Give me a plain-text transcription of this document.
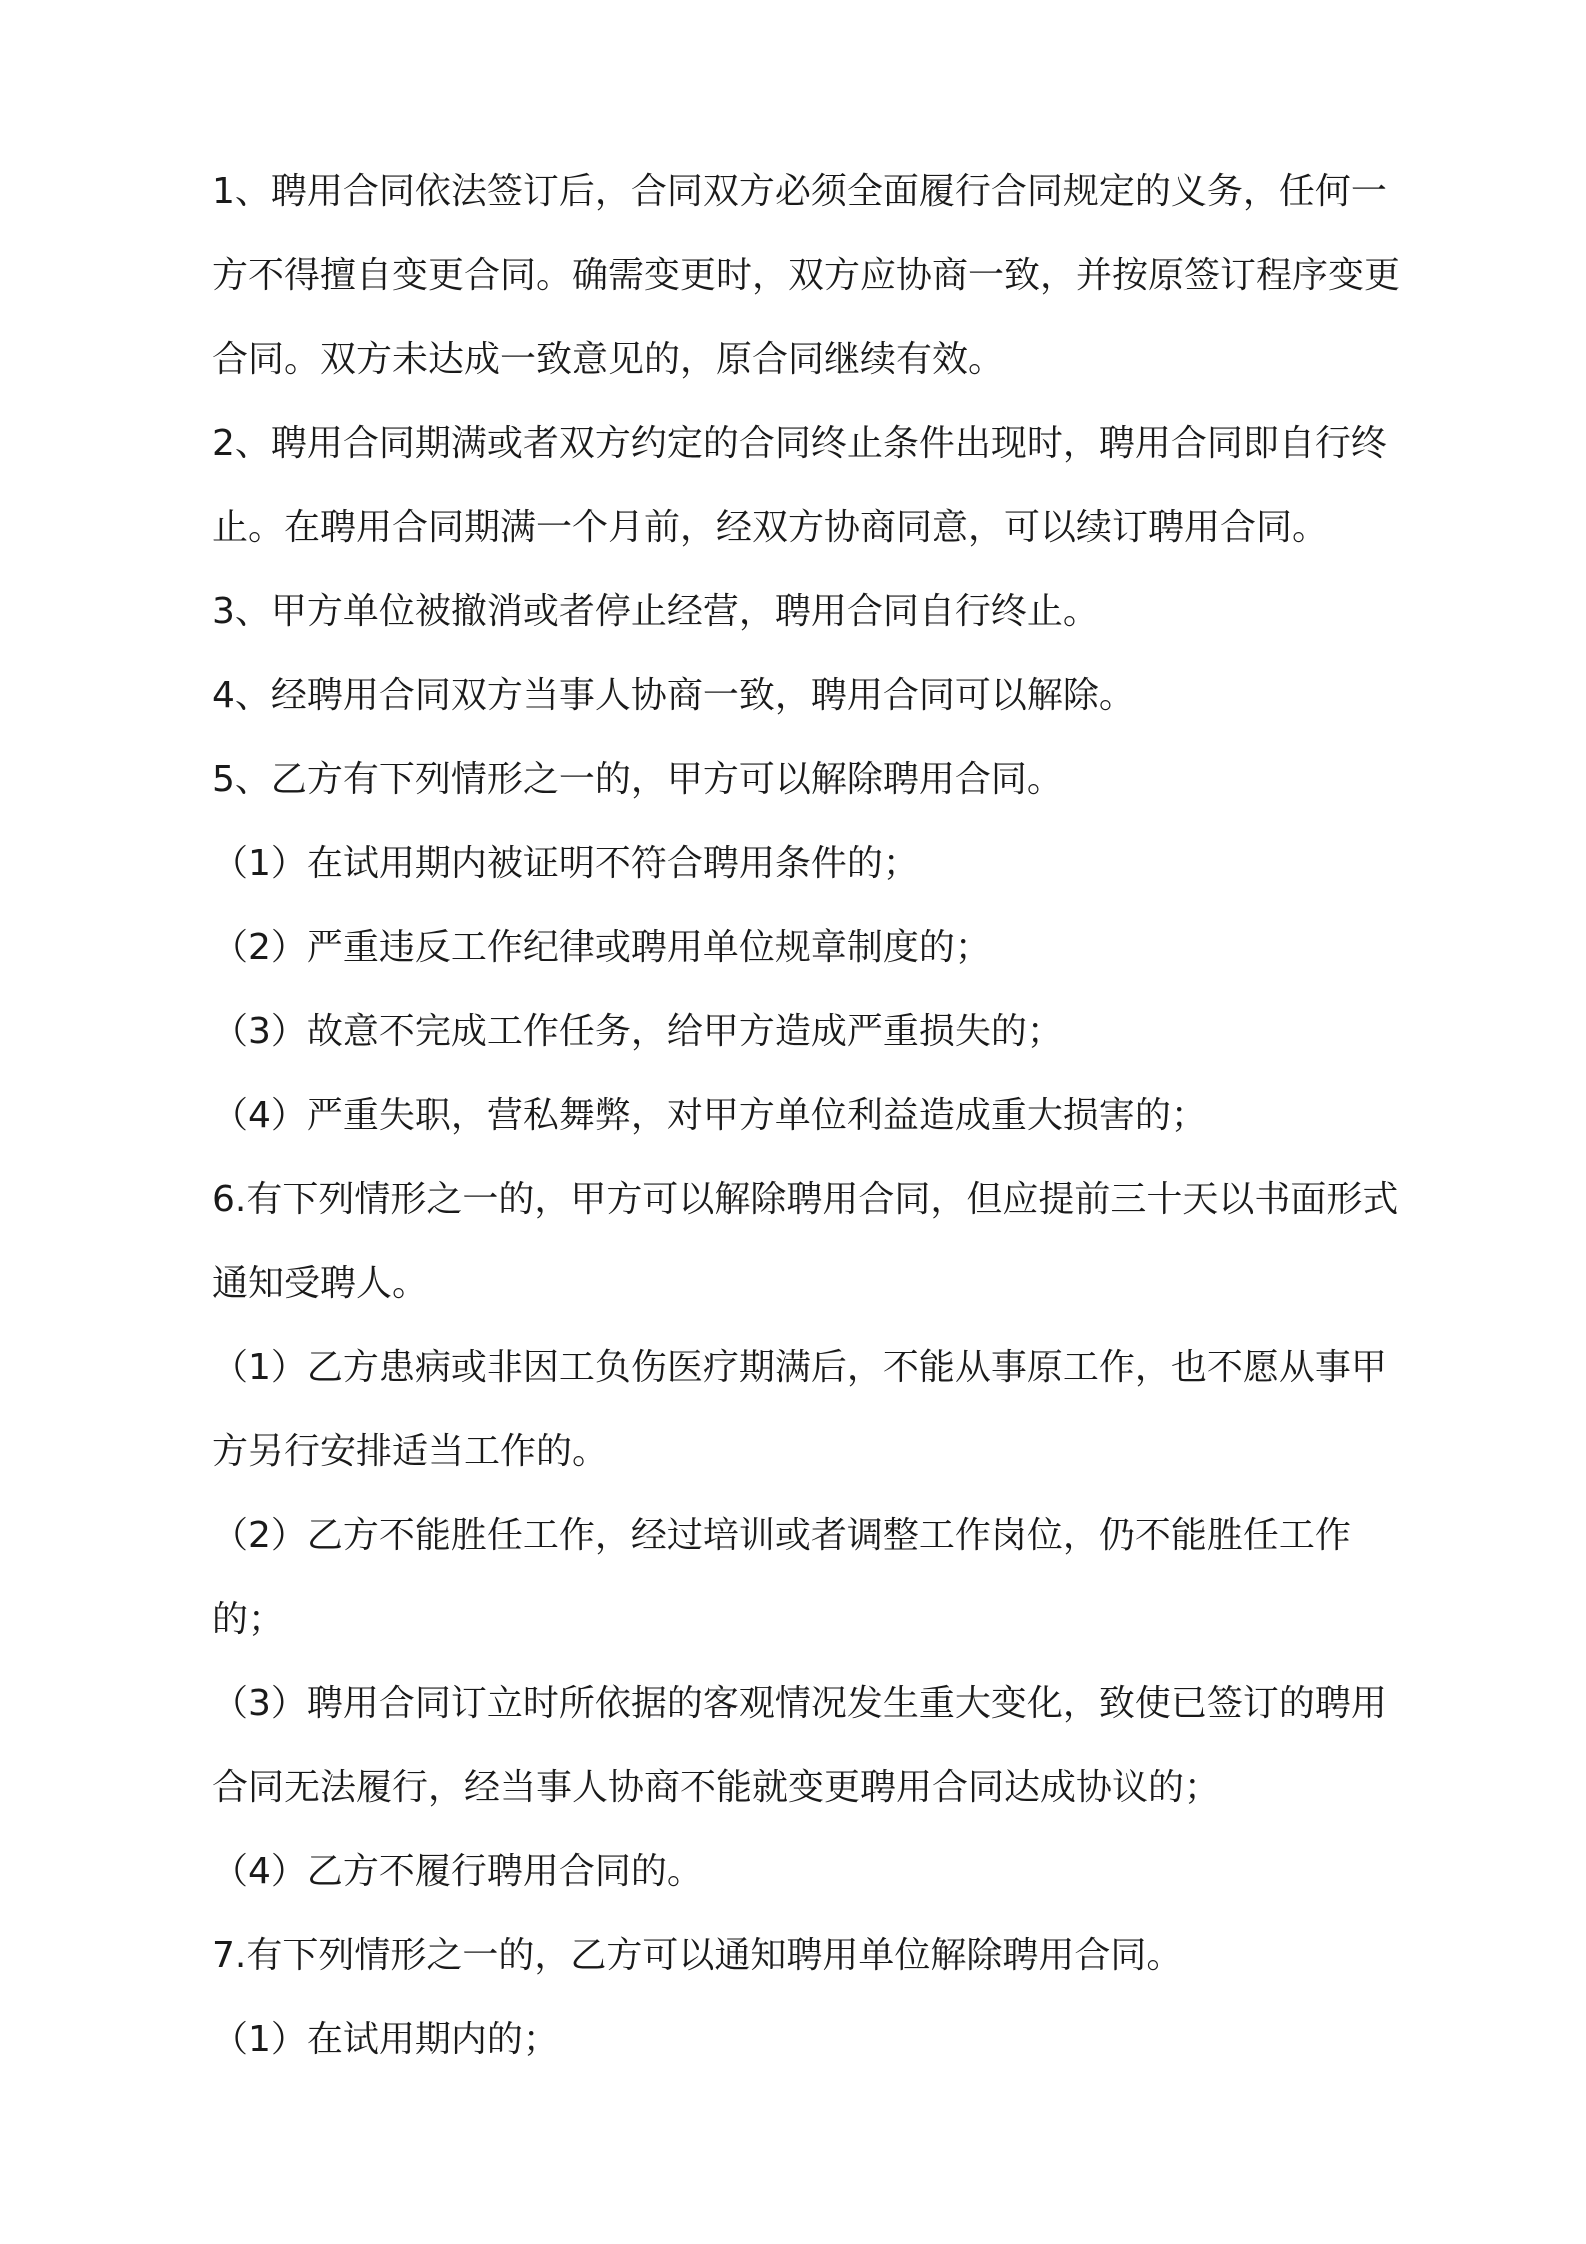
1、聘用合同依法签订后，合同双方必须全面履行合同规定的义务，任何一方不得擅自变更合同。确需变更时，双方应协商一致，并按原签订程序变更合同。双方未达成一致意见的，原合同继续有效。

2、聘用合同期满或者双方约定的合同终止条件出现时，聘用合同即自行终止。在聘用合同期满一个月前，经双方协商同意，可以续订聘用合同。

3、甲方单位被撤消或者停止经营，聘用合同自行终止。

4、经聘用合同双方当事人协商一致，聘用合同可以解除。

5、乙方有下列情形之一的，甲方可以解除聘用合同。

（1）在试用期内被证明不符合聘用条件的；

（2）严重违反工作纪律或聘用单位规章制度的；

（3）故意不完成工作任务，给甲方造成严重损失的；

（4）严重失职，营私舞弊，对甲方单位利益造成重大损害的；

6.有下列情形之一的，甲方可以解除聘用合同，但应提前三十天以书面形式通知受聘人。

（1）乙方患病或非因工负伤医疗期满后，不能从事原工作，也不愿从事甲方另行安排适当工作的。

（2）乙方不能胜任工作，经过培训或者调整工作岗位，仍不能胜任工作的；

（3）聘用合同订立时所依据的客观情况发生重大变化，致使已签订的聘用合同无法履行，经当事人协商不能就变更聘用合同达成协议的；

（4）乙方不履行聘用合同的。

7.有下列情形之一的，乙方可以通知聘用单位解除聘用合同。

（1）在试用期内的；
